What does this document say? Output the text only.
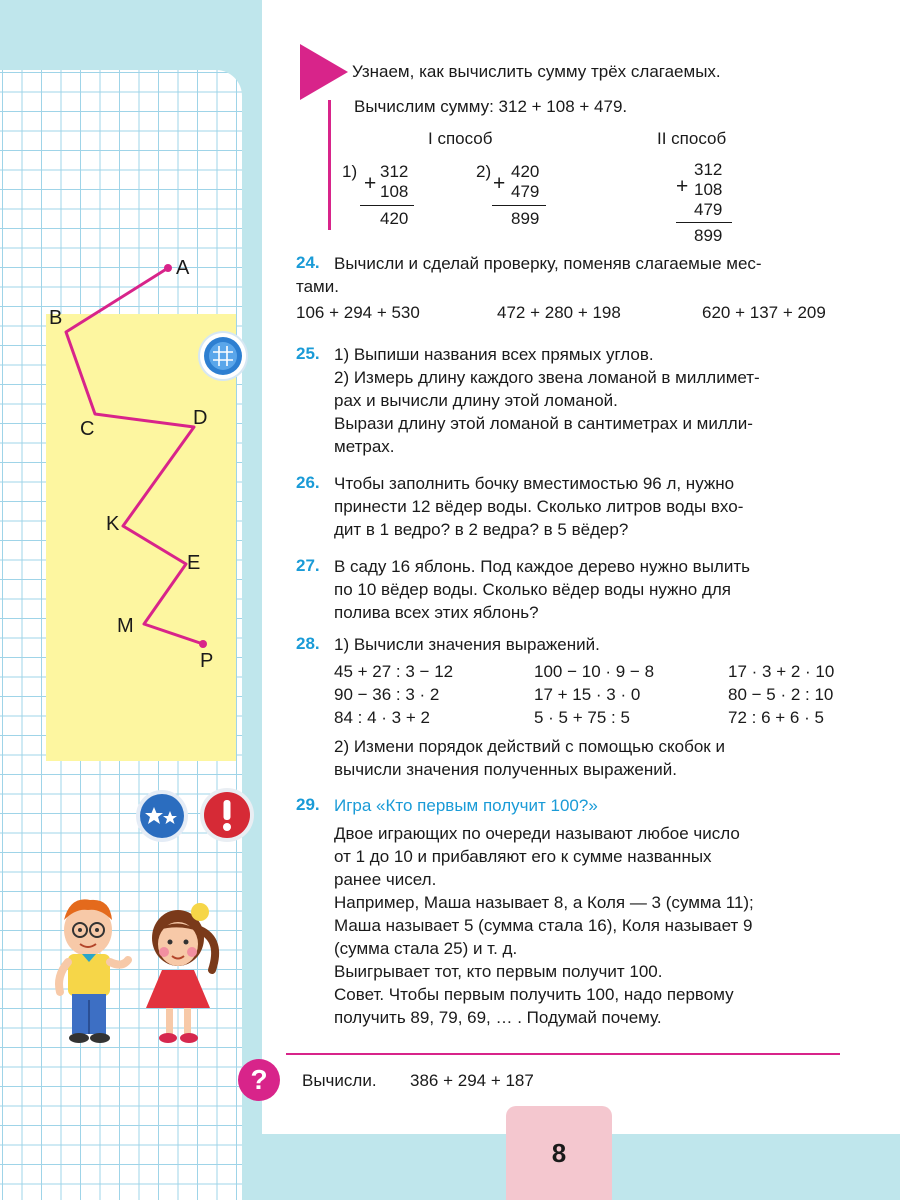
A
B
C	D
K
E
M
P
Узнаем, как вычислить сумму трёх слагаемых.
Вычислим сумму: 312 + 108 + 479.
I способ	II способ
1) 312
+ 108
420
2) 420
+ 479
899
312
+ 108
479
899
24. Вычисли и сделай проверку, поменяв слагаемые мес-
тами.
106 + 294 + 530	472 + 280 + 198	620 + 137 + 209
25. 1) Выпиши названия всех прямых углов.
2) Измерь длину каждого звена ломаной в миллимет-
рах и вычисли длину этой ломаной.
Вырази длину этой ломаной в сантиметрах и милли-
метрах.
26. Чтобы заполнить бочку вместимостью 96 л, нужно
принести 12 вёдер воды. Сколько литров воды вхо-
дит в 1 ведро? в 2 ведра? в 5 вёдер?
27. В саду 16 яблонь. Под каждое дерево нужно вылить
по 10 вёдер воды. Сколько вёдер воды нужно для
полива всех этих яблонь?
28. 1) Вычисли значения выражений.
45 + 27 : 3 − 12	100 − 10 · 9 − 8	17 · 3 + 2 · 10
90 − 36 : 3 · 2	17 + 15 · 3 · 0	80 − 5 · 2 : 10
84 : 4 · 3 + 2	5 · 5 + 75 : 5	72 : 6 + 6 · 5
2) Измени порядок действий с помощью скобок и
вычисли значения полученных выражений.
29. Игра «Кто первым получит 100?»
Двое играющих по очереди называют любое число
от 1 до 10 и прибавляют его к сумме названных
ранее чисел.
Например, Маша называет 8, а Коля — 3 (сумма 11);
Маша называет 5 (сумма стала 16), Коля называет 9
(сумма стала 25) и т. д.
Выигрывает тот, кто первым получит 100.
Совет. Чтобы первым получить 100, надо первому
получить 89, 79, 69, … . Подумай почему.
?	Вычисли. 386 + 294 + 187
8
